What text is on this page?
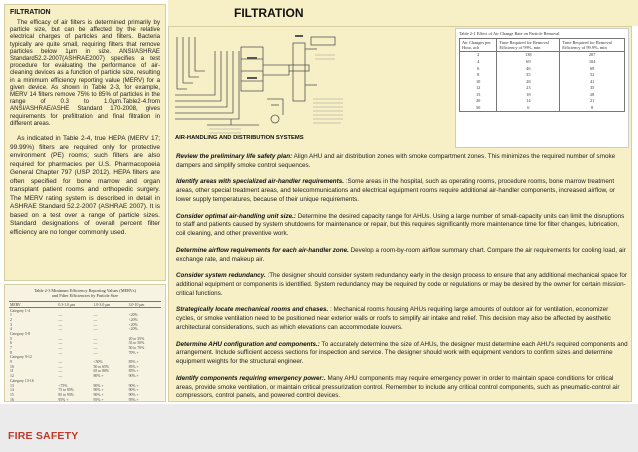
FILTRATION
FILTRATION

The efficacy of air filters is determined primarily by particle size, but can be affected by the relative electrical charges of particles and filters. Bacteria typically are quite small, requiring filters that remove particles below 1μm in size. ANSI/ASHRAE Standard52.2-2007(ASHRAE2007) specifies a test procedure for evaluating the performance of air-cleaning devices as a function of particle size, resulting in a minimum efficiency reporting value (MERV) for a given device. As shown in Table 2-3, for example, MERV 14 filters remove 75% to 85% of particles in the range of 0.3 to 1.0μm.Table2-4.from ANSI/ASHRAE/ASHE Standard 170-2008, gives requirements for prefiltration and final filtration in different areas.

As indicated in Table 2-4, true HEPA (MERV 17; 99.99%) filters are required only for protective environment (PE) rooms; such filters are also required for pharmacies per U.S. Pharmacopoeia General Chapter 797 (USP 2012). HEPA filters are often specified for bone marrow and organ transplant patient rooms and orthopedic surgery. The MERV rating system is described in detail in ASHRAE Standard 52.2-2007 (ASHRAE 2007). It is based on a test over a range of particle sizes. Standard designations of overall percent filter efficiency are no longer commonly used.

Table 2-3 Minimum Efficiency Reporting Values (MERVs)
and Filter Efficiencies by Particle Size
MERV	0.3-1.0 μm	1.0-3.0 μm	3.0-10 μm
Category 1-4			
1	—	—	<20%
2	—	—	<20%
3	—	—	<20%
4	—	—	<20%
Category 5-8			
5	—	—	20 to 35%
6	—	—	35 to 50%
7	—	—	50 to 70%
8	—	—	70% +
Category 9-12			
9	—	<50%	85% +
10	—	50 to 65%	85% +
11	—	65 to 80%	85% +
12	—	80% +	90% +
Category 13-16			
13	<75%	90% +	90% +
14	75 to 85%	90% +	90% +
15	85 to 95%	90% +	90% +
16	95% +	95% +	95% +
AIR-HANDLING AND DISTRIBUTION SYSTEMS
Table 2-1 Effect of Air Change Rate on Particle Removal
Air Changes per Hour, ach	Time Required for Removal Efficiency of 99%, min	Time Required for Removal Efficiency of 99.9%, min
2	138	207
4	69	104
6	46	69
8	35	52
10	28	41
12	23	35
15	18	28
20	14	21
50	6	8

Review the preliminary life safety plan: Align AHU and air distribution zones with smoke compartment zones. This minimizes the required number of smoke dampers and simplify smoke control sequences.

Identify areas with specialized air-handler requirements. :Some areas in the hospital, such as operating rooms, procedure rooms, bone marrow treatment areas, other special treatment areas, and telecommunications and electrical equipment rooms require additional air-handler components, increased airflow, or lower supply temperatures, because of their unique requirements.

Consider optimal air-handling unit size.: Determine the desired capacity range for AHUs. Using a large number of small-capacity units can limit the disruptions to staff and patients caused by system shutdowns for maintenance or repair, but this requires significantly more maintenance time for filter changes, lubrication, coil cleaning, and other preventive work.

Determine airflow requirements for each air-handler zone. Develop a room-by-room airflow summary chart. Compare the air requirements for cooling load, air exchange rate, and makeup air.

Consider system redundancy. :The designer should consider system redundancy early in the design process to ensure that any additional mechanical space for additional equipment or components is identified. System redundancy may be required by code or regulations or may be desired by the owner for certain mission-critical functions.

Strategically locate mechanical rooms and chases. : Mechanical rooms housing AHUs requiring large amounts of outdoor air for ventilation, economizer cycles, or smoke ventilation need to be positioned near exterior walls or roofs to simplify air intake and relief. This decision may also be affected by aesthetic architectural considerations, such as which elevations can accommodate louvers.

Determine AHU configuration and components.: To accurately determine the size of AHUs, the designer must determine each AHU's required components and arrangement. Include sufficient access sections for inspection and service. The designer should work with equipment vendors to confirm sizes and determine equipment weights for the structural engineer.

Identify components requiring emergency power:. Many AHU components may require emergency power in order to maintain space conditions for critical areas, provide smoke ventilation, or maintain critical pressurization control. Remember to include any critical control components, such as pneumatic-control air compressors, control panels, and powered control devices.

FIRE SAFETY
